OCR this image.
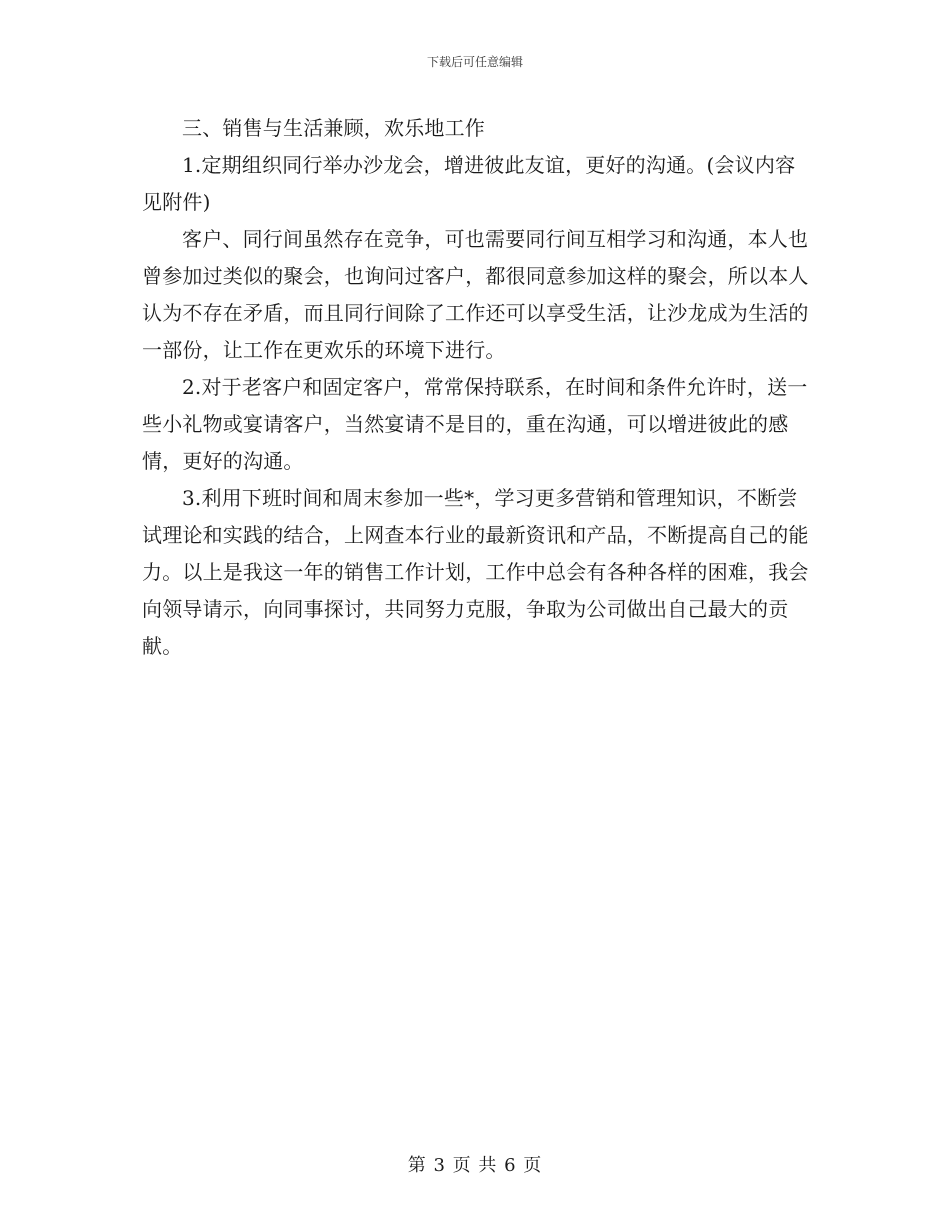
下载后可任意编辑

三、销售与生活兼顾，欢乐地工作

1.定期组织同行举办沙龙会，增进彼此友谊，更好的沟通。(会议内容见附件)

客户、同行间虽然存在竞争，可也需要同行间互相学习和沟通，本人也曾参加过类似的聚会，也询问过客户，都很同意参加这样的聚会，所以本人认为不存在矛盾，而且同行间除了工作还可以享受生活，让沙龙成为生活的一部份，让工作在更欢乐的环境下进行。

2.对于老客户和固定客户，常常保持联系，在时间和条件允许时，送一些小礼物或宴请客户，当然宴请不是目的，重在沟通，可以增进彼此的感情，更好的沟通。

3.利用下班时间和周末参加一些*，学习更多营销和管理知识，不断尝试理论和实践的结合，上网查本行业的最新资讯和产品，不断提高自己的能力。以上是我这一年的销售工作计划，工作中总会有各种各样的困难，我会向领导请示，向同事探讨，共同努力克服，争取为公司做出自己最大的贡献。

第 3 页 共 6 页
